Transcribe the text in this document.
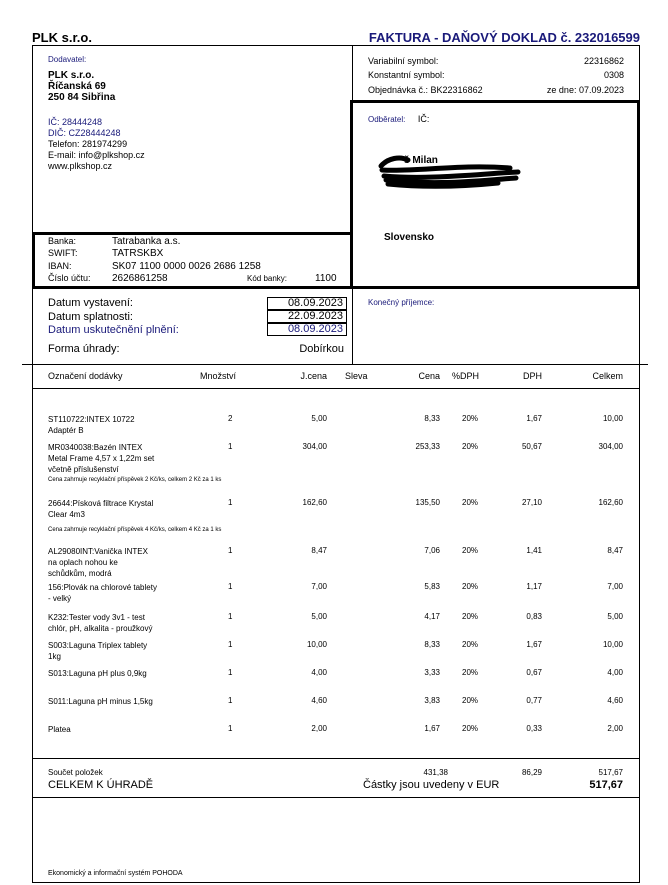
PLK s.r.o.	FAKTURA - DAŇOVÝ DOKLAD č. 232016599
Dodavatel:
PLK s.r.o.
Říčanská 69
250 84 Sibřina
IČ: 28444248
DIČ: CZ28444248
Telefon: 281974299
E-mail: info@plkshop.cz
www.plkshop.cz
Variabilní symbol:	22316862
Konstantní symbol:	0308
Objednávka č.: BK22316862	ze dne: 07.09.2023
Odběratel: IČ:
š Milan
Slovensko
Banka:	Tatrabanka a.s.
SWIFT:	TATRSKBX
IBAN:	SK07 1100 0000 0026 2686 1258
Číslo účtu:	2626861258	Kód banky:	1100
Datum vystavení:	08.09.2023
Datum splatnosti:	22.09.2023
Datum uskutečnění plnění:	08.09.2023
Forma úhrady:	Dobírkou
Konečný příjemce:
Označení dodávky	Množství	J.cena Sleva	Cena %DPH	DPH	Celkem
ST110722:INTEX 10722
Adaptér B
2	5,00	8,33	20%	1,67	10,00
MR0340038:Bazén INTEX
Metal Frame 4,57 x 1,22m set
včetně příslušenství
Cena zahrnuje recyklační příspěvek 2 Kč/ks, celkem 2 Kč za 1 ks
1	304,00	253,33	20%	50,67	304,00
26644:Písková filtrace Krystal
Clear 4m3
Cena zahrnuje recyklační příspěvek 4 Kč/ks, celkem 4 Kč za 1 ks
1	162,60	135,50	20%	27,10	162,60
AL29080INT:Vanička INTEX
na oplach nohou ke
schůdkům, modrá
1	8,47	7,06	20%	1,41	8,47
156:Plovák na chlorové tablety
- velký
1	7,00	5,83	20%	1,17	7,00
K232:Tester vody 3v1 - test
chlór, pH, alkalita - proužkový
1	5,00	4,17	20%	0,83	5,00
S003:Laguna Triplex tablety
1kg
1	10,00	8,33	20%	1,67	10,00
S013:Laguna pH plus 0,9kg	1	4,00	3,33	20%	0,67	4,00
S011:Laguna pH minus 1,5kg	1	4,60	3,83	20%	0,77	4,60
Platea	1	2,00	1,67	20%	0,33	2,00
Součet položek	431,38	86,29	517,67
CELKEM K ÚHRADĚ	Částky jsou uvedeny v EUR	517,67
Ekonomický a informační systém POHODA
